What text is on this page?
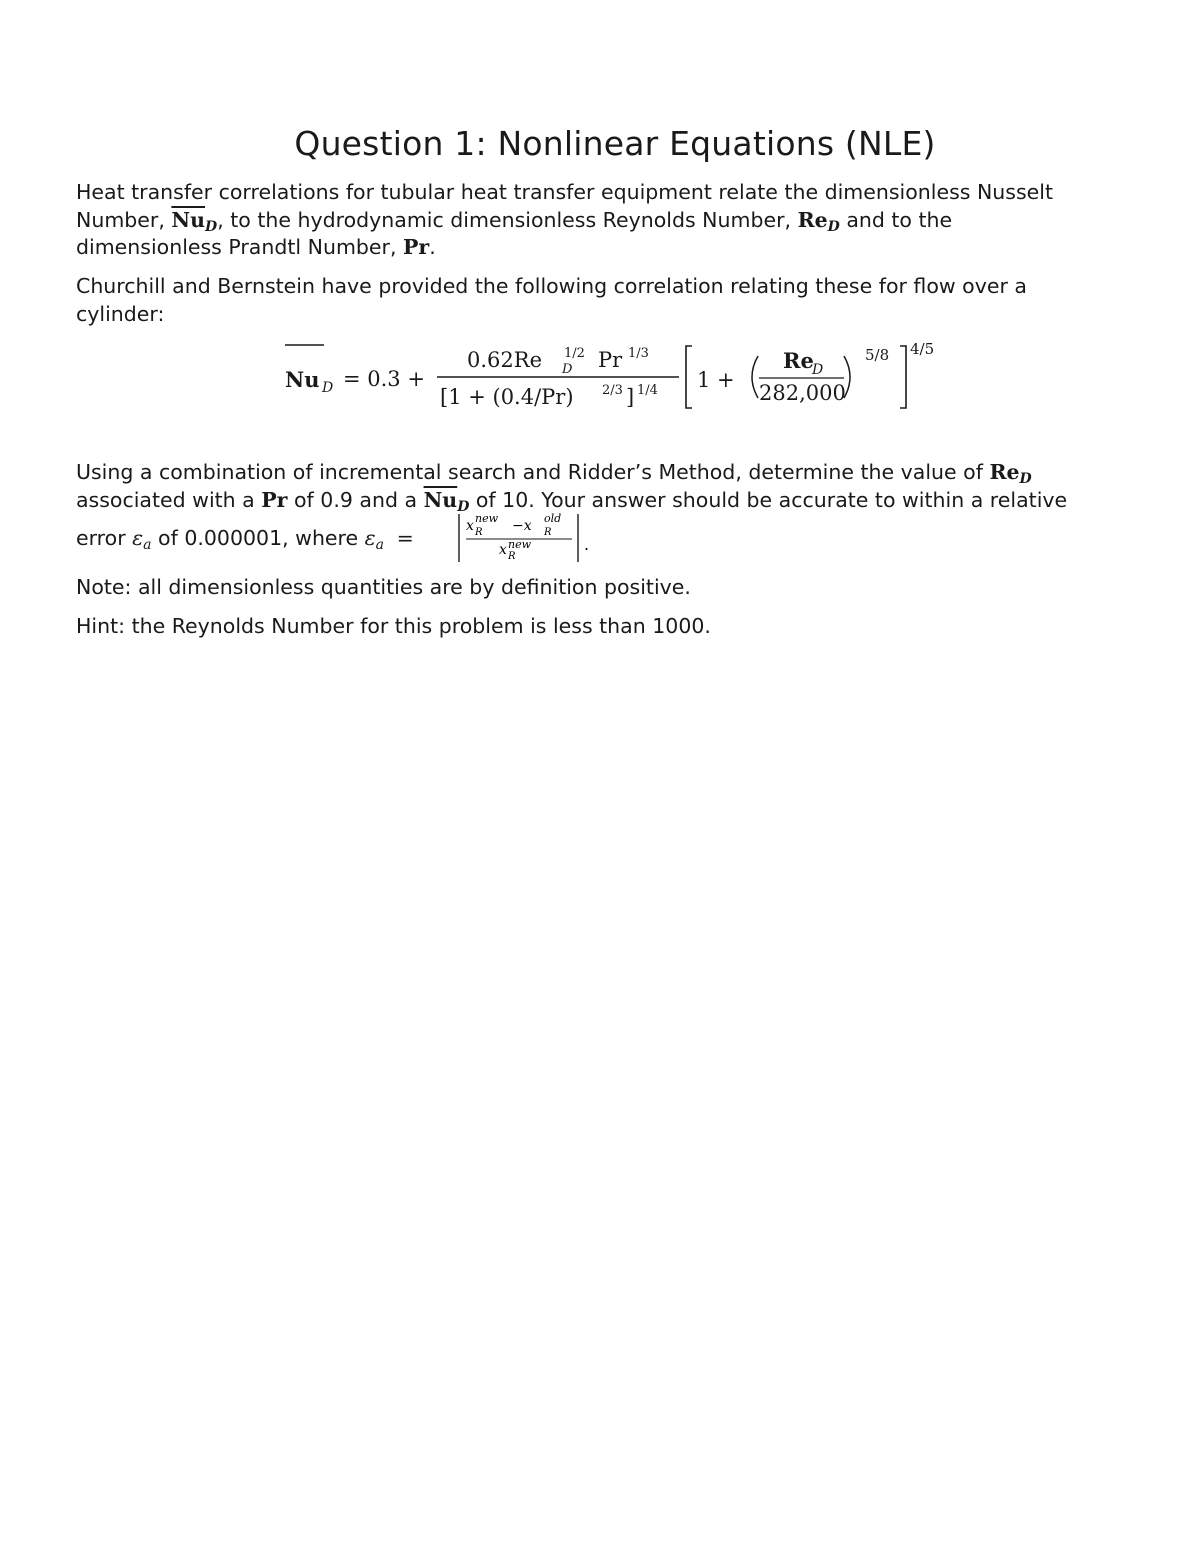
Question 1: Nonlinear Equations (NLE)
Heat transfer correlations for tubular heat transfer equipment relate the dimensionless Nusselt
Number, $\overline{Nu}_D$, to the hydrodynamic dimensionless Reynolds Number, $Re_D$ and to the
dimensionless Prandtl Number, Pr.
Churchill and Bernstein have provided the following correlation relating these for flow over a
cylinder:
Nu D = 0.3 +
0.62Re 1/2
D Pr 1/3
[1 + (0.4/Pr) 2/3 ] 1/4 1 +
Re
D
282,000
5/8 4/5
Using a combination of incremental search and Ridder’s Method, determine the value of $Re_D$
associated with a Pr of 0.9 and a $\overline{Nu}_D$ of 10. Your answer should be accurate to within a relative
error $\varepsilon_a$ of 0.000001, where $\varepsilon_a$ =	x new
R −x old
R
x new
R
.
Note: all dimensionless quantities are by definition positive.
Hint: the Reynolds Number for this problem is less than 1000.
